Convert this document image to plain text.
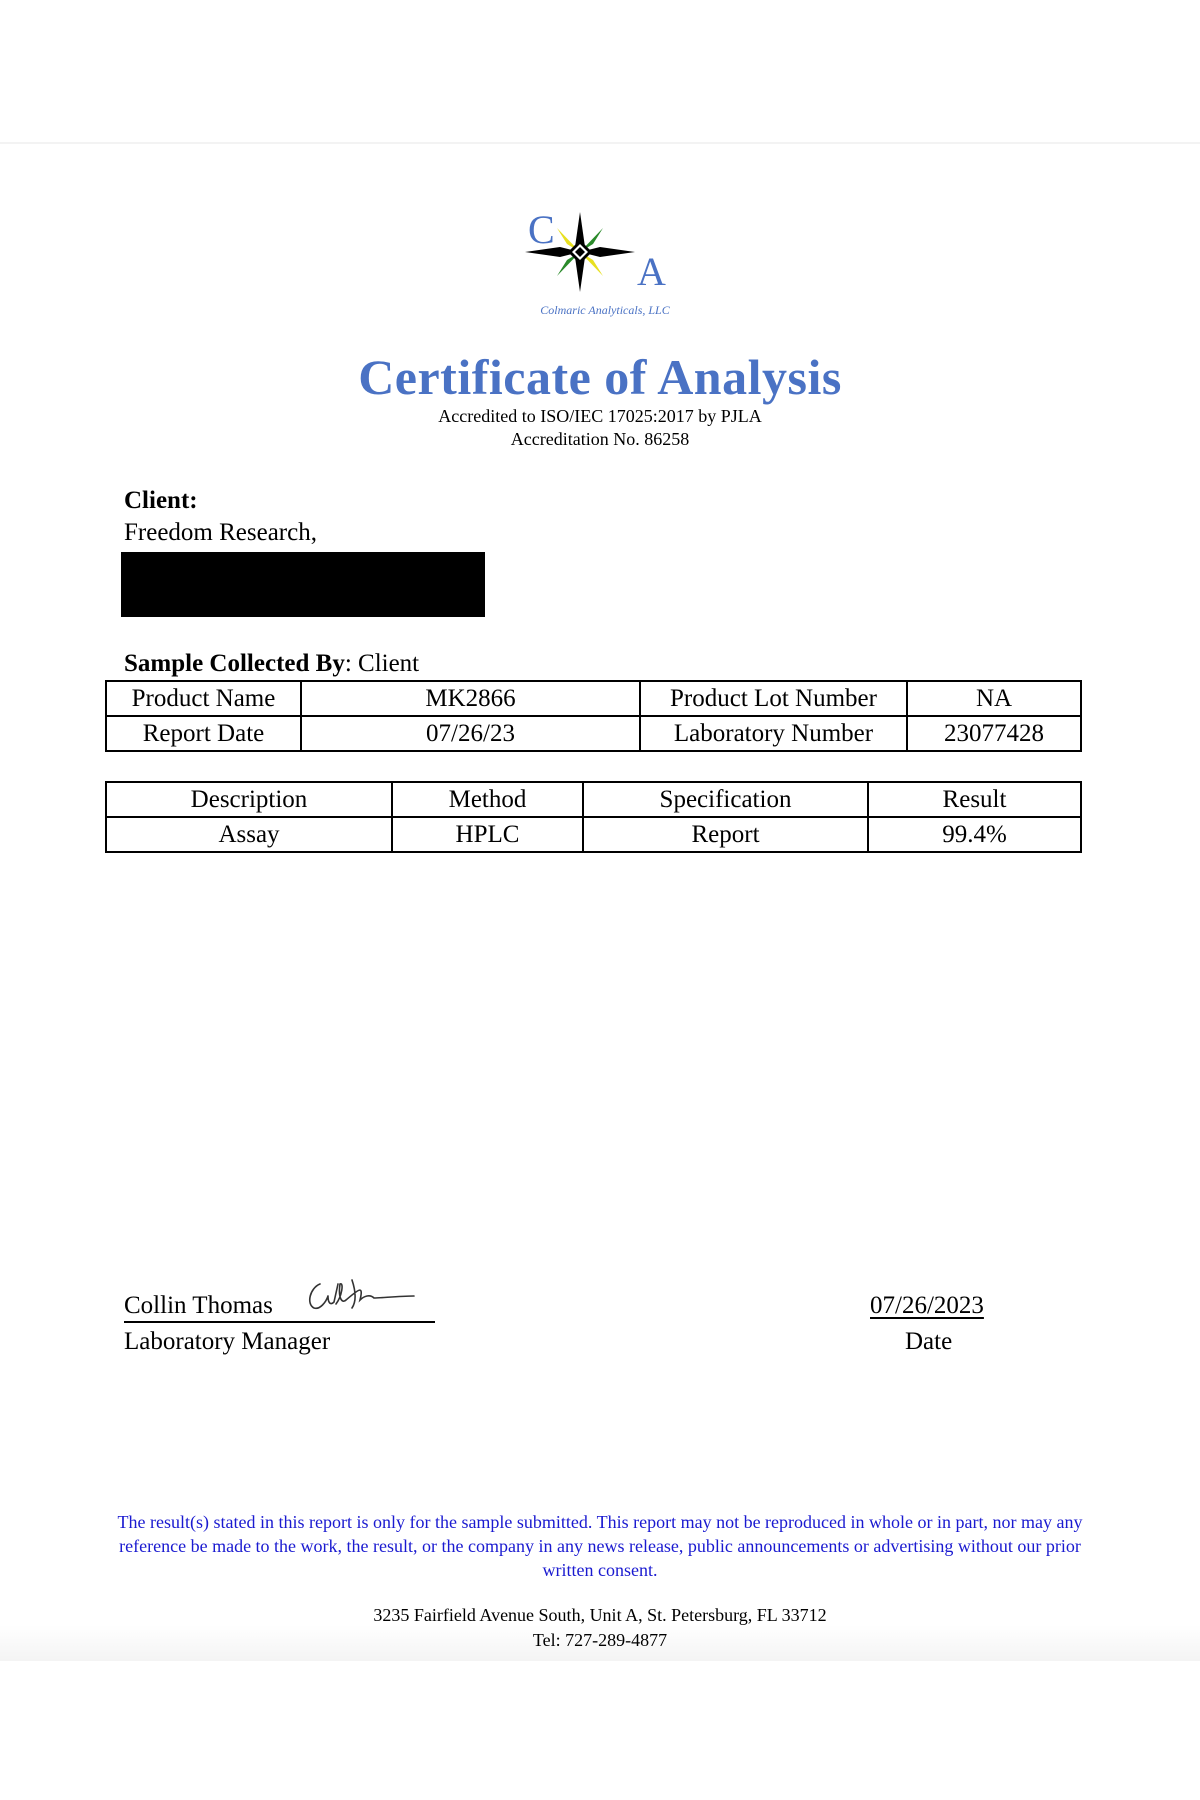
C
A
Colmaric Analyticals, LLC
Certificate of Analysis
Accredited to ISO/IEC 17025:2017 by PJLA
Accreditation No. 86258
Client:
Freedom Research,
Sample Collected By: Client
Product Name	MK2866	Product Lot Number	NA
Report Date	07/26/23	Laboratory Number	23077428
Description	Method	Specification	Result
Assay	HPLC	Report	99.4%
Collin Thomas
Laboratory Manager
07/26/2023
Date
The result(s) stated in this report is only for the sample submitted. This report may not be reproduced in whole or in part, nor may any reference be made to the work, the result, or the company in any news release, public announcements or advertising without our prior written consent.
3235 Fairfield Avenue South, Unit A, St. Petersburg, FL 33712
Tel: 727-289-4877
